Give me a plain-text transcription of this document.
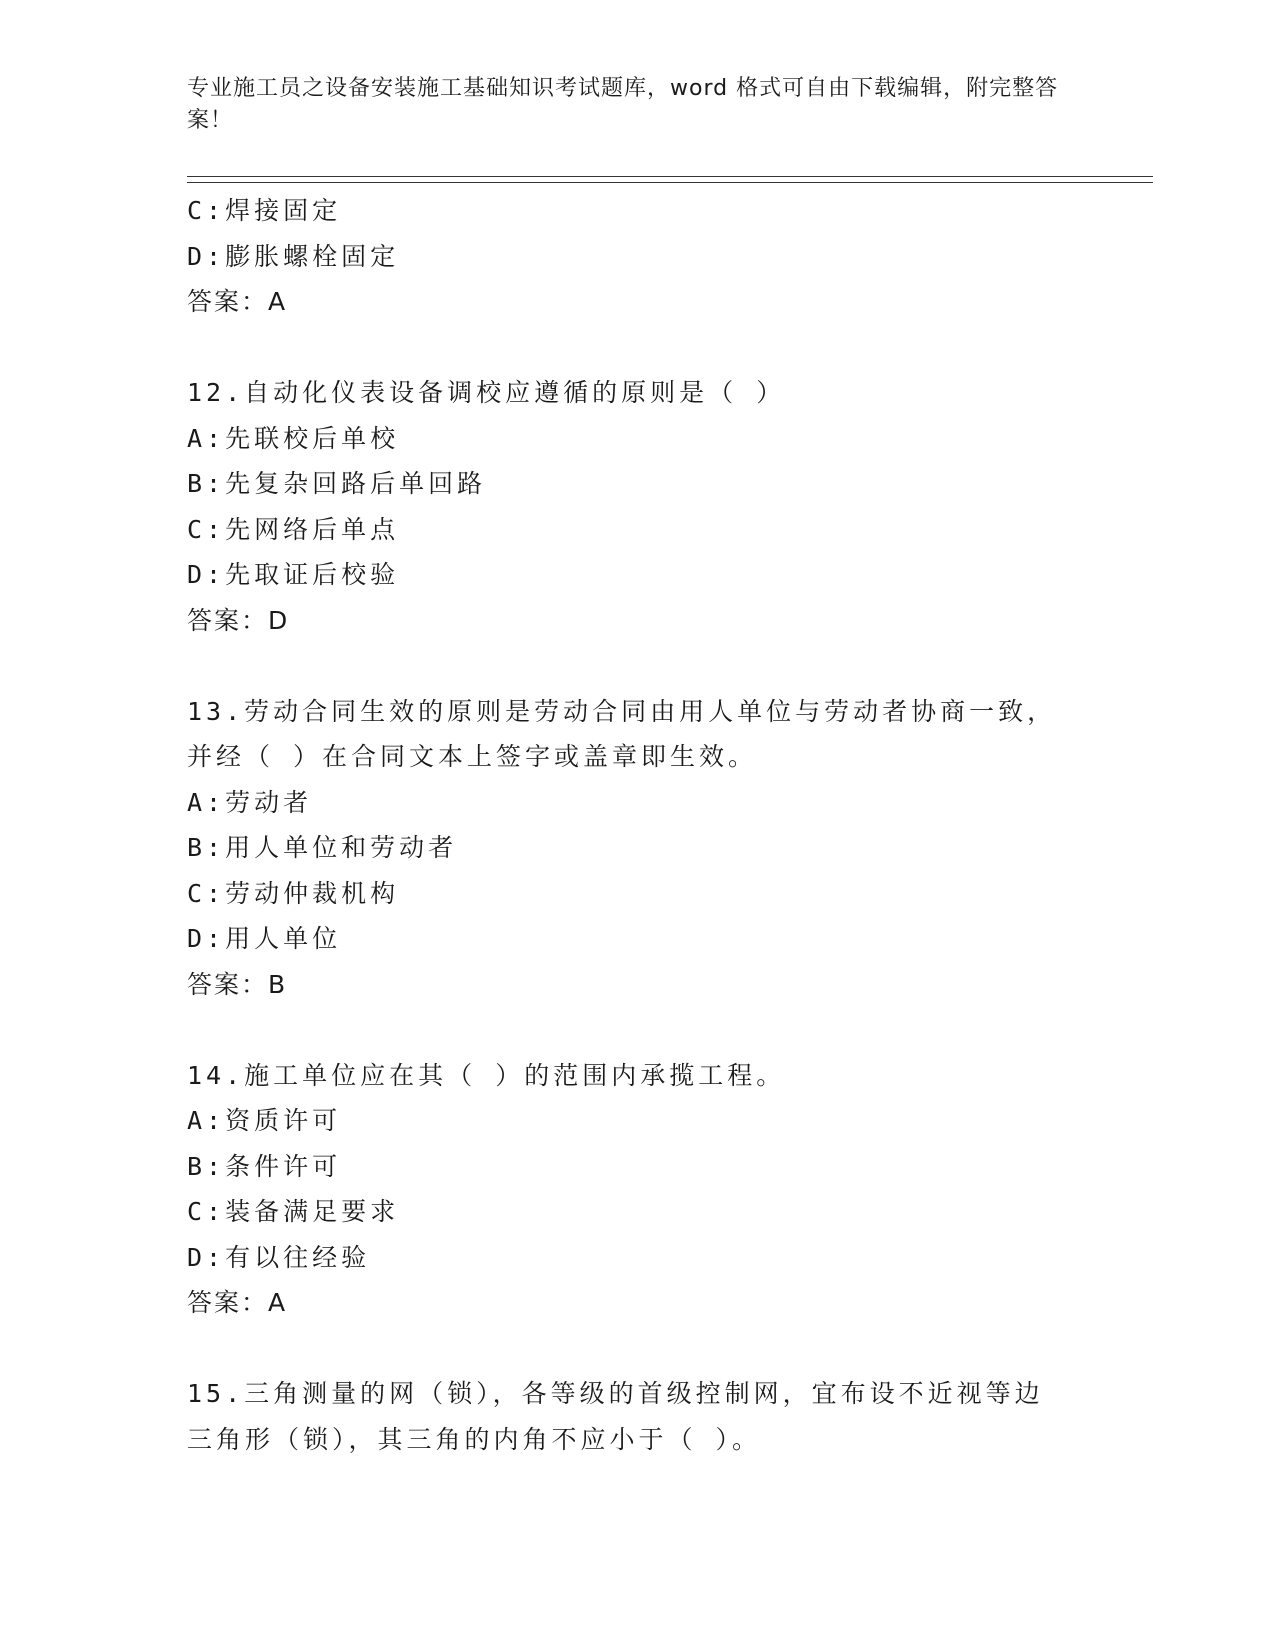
专业施工员之设备安装施工基础知识考试题库，word 格式可自由下载编辑，附完整答案！
C:焊接固定
D:膨胀螺栓固定
答案：A
12.自动化仪表设备调校应遵循的原则是（ ）
A:先联校后单校
B:先复杂回路后单回路
C:先网络后单点
D:先取证后校验
答案：D
13.劳动合同生效的原则是劳动合同由用人单位与劳动者协商一致，并经（ ）在合同文本上签字或盖章即生效。
A:劳动者
B:用人单位和劳动者
C:劳动仲裁机构
D:用人单位
答案：B
14.施工单位应在其（ ）的范围内承揽工程。
A:资质许可
B:条件许可
C:装备满足要求
D:有以往经验
答案：A
15.三角测量的网（锁），各等级的首级控制网，宜布设不近视等边三角形（锁），其三角的内角不应小于（ ）。
